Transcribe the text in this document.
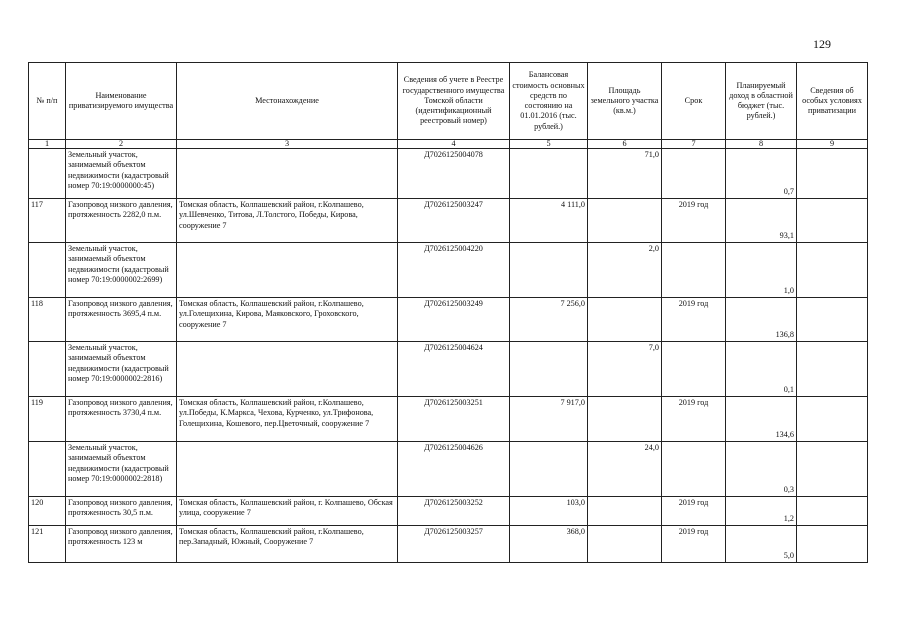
129
№ п/п	Наименование приватизируемого имущества	Местонахождение	Сведения об учете в Реестре государственного имущества Томской области (идентификационный реестровый номер)	Балансовая стоимость основных средств по состоянию на 01.01.2016 (тыс. рублей.)	Площадь земельного участка (кв.м.)	Срок	Планируемый доход в областной бюджет (тыс. рублей.)	Сведения об особых условиях приватизации
1	2	3	4	5	6	7	8	9
	Земельный участок, занимаемый объектом недвижимости (кадастровый номер 70:19:0000000:45)		Д7026125004078		71,0		0,7	
117	Газопровод низкого давления, протяженность 2282,0 п.м.	Томская область, Колпашевский район, г.Колпашево, ул.Шевченко, Титова, Л.Толстого, Победы, Кирова, сооружение 7	Д7026125003247	4 111,0		2019 год	93,1	
	Земельный участок, занимаемый объектом недвижимости (кадастровый номер 70:19:0000002:2699)		Д7026125004220		2,0		1,0	
118	Газопровод низкого давления, протяженность 3695,4 п.м.	Томская область, Колпашевский район, г.Колпашево, ул.Голещихина, Кирова, Маяковского, Гроховского, сооружение 7	Д7026125003249	7 256,0		2019 год	136,8	
	Земельный участок, занимаемый объектом недвижимости (кадастровый номер 70:19:0000002:2816)		Д7026125004624		7,0		0,1	
119	Газопровод низкого давления, протяженность 3730,4 п.м.	Томская область, Колпашевский район, г.Колпашево, ул.Победы, К.Маркса, Чехова, Курченко, ул.Трифонова, Голещихина, Кошевого, пер.Цветочный, сооружение 7	Д7026125003251	7 917,0		2019 год	134,6	
	Земельный участок, занимаемый объектом недвижимости (кадастровый номер 70:19:0000002:2818)		Д7026125004626		24,0		0,3	
120	Газопровод низкого давления, протяженность 30,5 п.м.	Томская область, Колпашевский район, г. Колпашево, Обская улица, сооружение 7	Д7026125003252	103,0		2019 год	1,2	
121	Газопровод низкого давления, протяженность 123 м	Томская область, Колпашевский район, г.Колпашево, пер.Западный, Южный, Сооружение 7	Д7026125003257	368,0		2019 год	5,0	
